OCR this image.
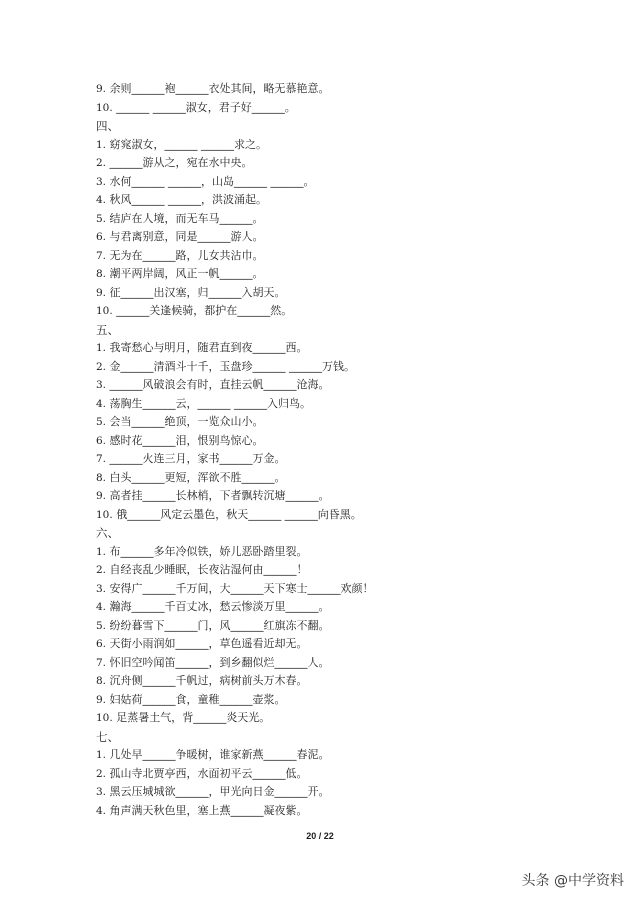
9. 余则______袍______衣处其间，略无慕艳意。
10. ______ ______淑女，君子好______。
四、
1. 窈窕淑女，______ ______求之。
2. ______游从之，宛在水中央。
3. 水何______ ______，山岛______ ______。
4. 秋风______ ______，洪波涌起。
5. 结庐在人境，而无车马______。
6. 与君离别意，同是______游人。
7. 无为在______路，儿女共沾巾。
8. 潮平两岸阔，风正一帆______。
9. 征______出汉塞，归______入胡天。
10. ______关逢候骑，都护在______然。
五、
1. 我寄愁心与明月，随君直到夜______西。
2. 金______清酒斗十千，玉盘珍______ ______万钱。
3. ______风破浪会有时，直挂云帆______沧海。
4. 荡胸生______云，______ ______入归鸟。
5. 会当______绝顶，一览众山小。
6. 感时花______泪，恨别鸟惊心。
7. ______火连三月，家书______万金。
8. 白头______更短，浑欲不胜______。
9. 高者挂______长林梢，下者飘转沉塘______。
10. 俄______风定云墨色，秋天______ ______向昏黑。
六、
1. 布______多年冷似铁，娇儿恶卧踏里裂。
2. 自经丧乱少睡眠，长夜沾湿何由______！
3. 安得广______千万间，大______天下寒士______欢颜！
4. 瀚海______千百丈冰，愁云惨淡万里______。
5. 纷纷暮雪下______门，风______红旗冻不翻。
6. 天街小雨润如______，草色遥看近却无。
7. 怀旧空吟闻笛______，到乡翻似烂______人。
8. 沉舟侧______千帆过，病树前头万木春。
9. 妇姑荷______食，童稚______壶浆。
10. 足蒸暑土气，背______炎天光。
七、
1. 几处早______争暖树，谁家新燕______春泥。
2. 孤山寺北贾亭西，水面初平云______低。
3. 黑云压城城欲______，甲光向日金______开。
4. 角声满天秋色里，塞上燕______凝夜紫。
20 / 22
头条 @中学资料
